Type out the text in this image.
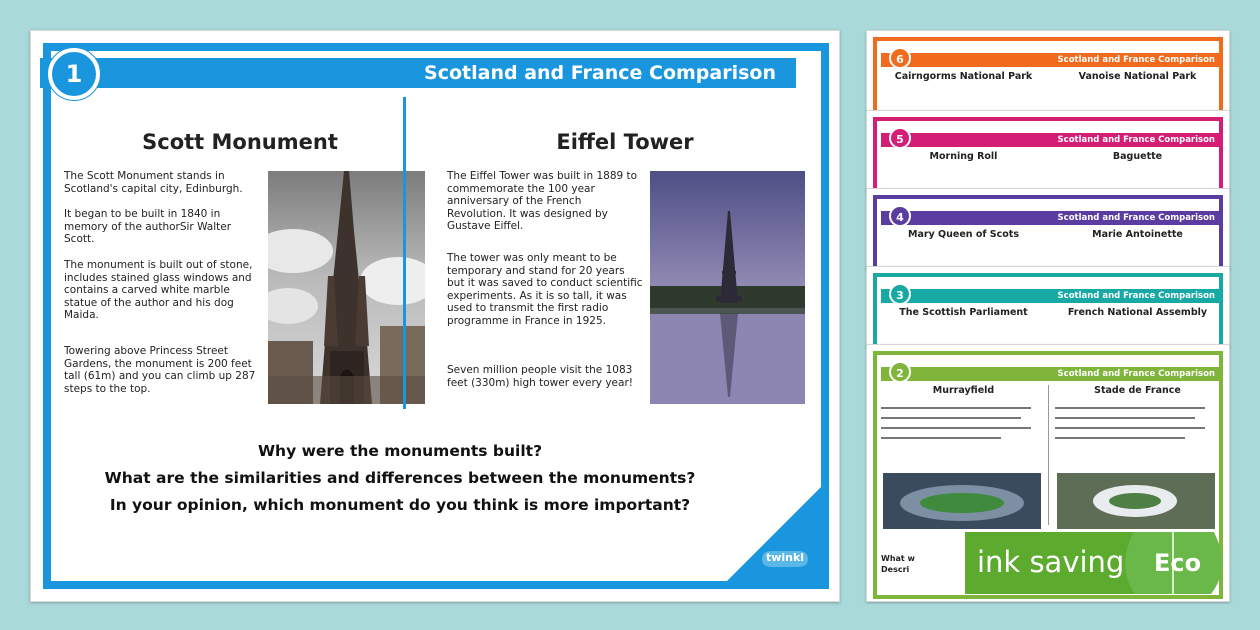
Scotland and France Comparison
1
Scott Monument

The Scott Monument stands in Scotland's capital city, Edinburgh.

It began to be built in 1840 in memory of the authorSir Walter Scott.

The monument is built out of stone, includes stained glass windows and contains a carved white marble statue of the author and his dog Maida.

Towering above Princess Street Gardens, the monument is 200 feet tall (61m) and you can climb up 287 steps to the top.

Eiffel Tower

The Eiffel Tower was built in 1889 to commemorate the 100 year anniversary of the French Revolution. It was designed by Gustave Eiffel.

The tower was only meant to be temporary and stand for 20 years but it was saved to conduct scientific experiments. As it is so tall, it was used to transmit the first radio programme in France in 1925.

Seven million people visit the 1083 feet (330m) high tower every year!

Why were the monuments built?
What are the similarities and differences between the monuments?
In your opinion, which monument do you think is more important?
twinkl
Scotland and France Comparison
6
Cairngorms National Park	Vanoise National Park
Scotland and France Comparison
5
Morning Roll	Baguette
Scotland and France Comparison
4
Mary Queen of Scots	Marie Antoinette
Scotland and France Comparison
3
The Scottish Parliament	French National Assembly
Scotland and France Comparison
2
Murrayfield	Stade de France
What w
Descri ink saving Eco
